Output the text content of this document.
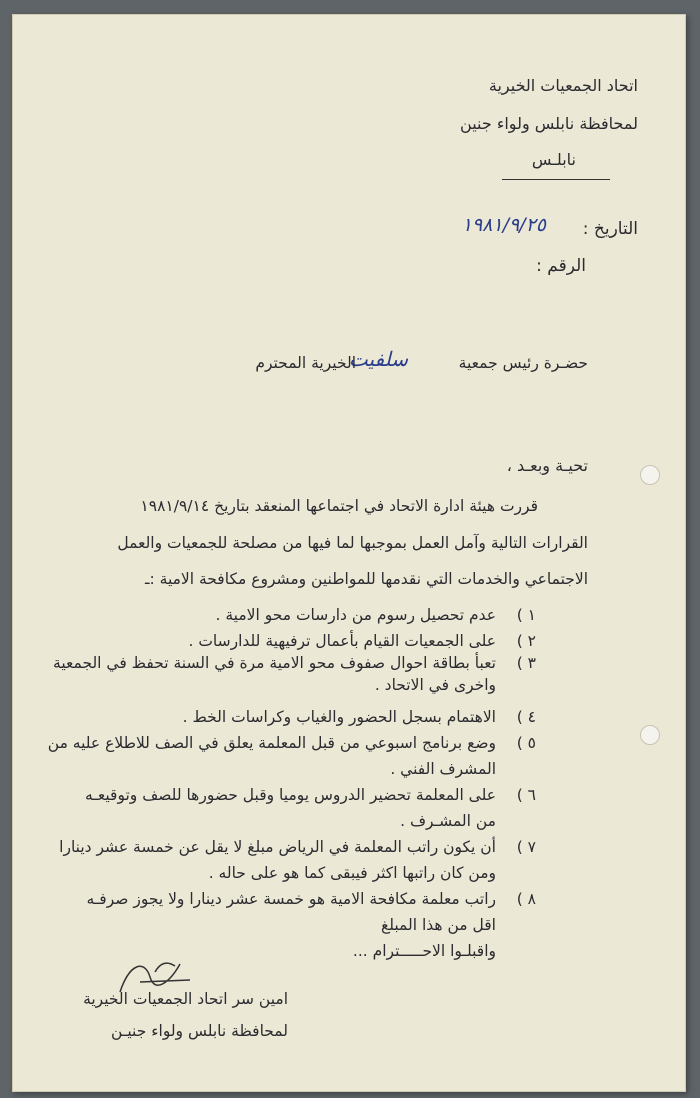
اتحاد الجمعيات الخيرية
لمحافظة نابلس ولواء جنين
نابلـس
التاريخ :
١٩٨١/٩/٢٥
الرقم :
حضـرة رئيس جمعية
سلفيت
الخيرية المحترم
تحيـة وبعـد ،
قررت هيئة ادارة الاتحاد في اجتماعها المنعقد بتاريخ ١٩٨١/٩/١٤
القرارات التالية وآمل العمل بموجبها لما فيها من مصلحة للجمعيات والعمل
الاجتماعي والخدمات التي نقدمها للمواطنين ومشروع مكافحة الامية :ـ
١ )
عدم تحصيل رسوم من دارسات محو الامية .
٢ )
على الجمعيات القيام بأعمال ترفيهية للدارسات .
٣ )
تعبأ بطاقة احوال صفوف محو الامية مرة في السنة تحفظ في الجمعية
واخرى في الاتحاد .
٤ )
الاهتمام بسجل الحضور والغياب وكراسات الخط .
٥ )
وضع برنامج اسبوعي من قبل المعلمة يعلق في الصف للاطلاع عليه من
المشرف الفني .
٦ )
على المعلمة تحضير الدروس يوميا وقبل حضورها للصف وتوقيعـه
من المشـرف .
٧ )
أن يكون راتب المعلمة في الرياض مبلغ لا يقل عن خمسة عشر دينارا
ومن كان راتبها اكثر فيبقى كما هو على حاله .
٨ )
راتب معلمة مكافحة الامية هو خمسة عشر دينارا ولا يجوز صرفـه
اقل من هذا المبلغ
واقبلـوا الاحـــــترام ...
امين سر اتحاد الجمعيات الخيرية
لمحافظة نابلس ولواء جنيـن
